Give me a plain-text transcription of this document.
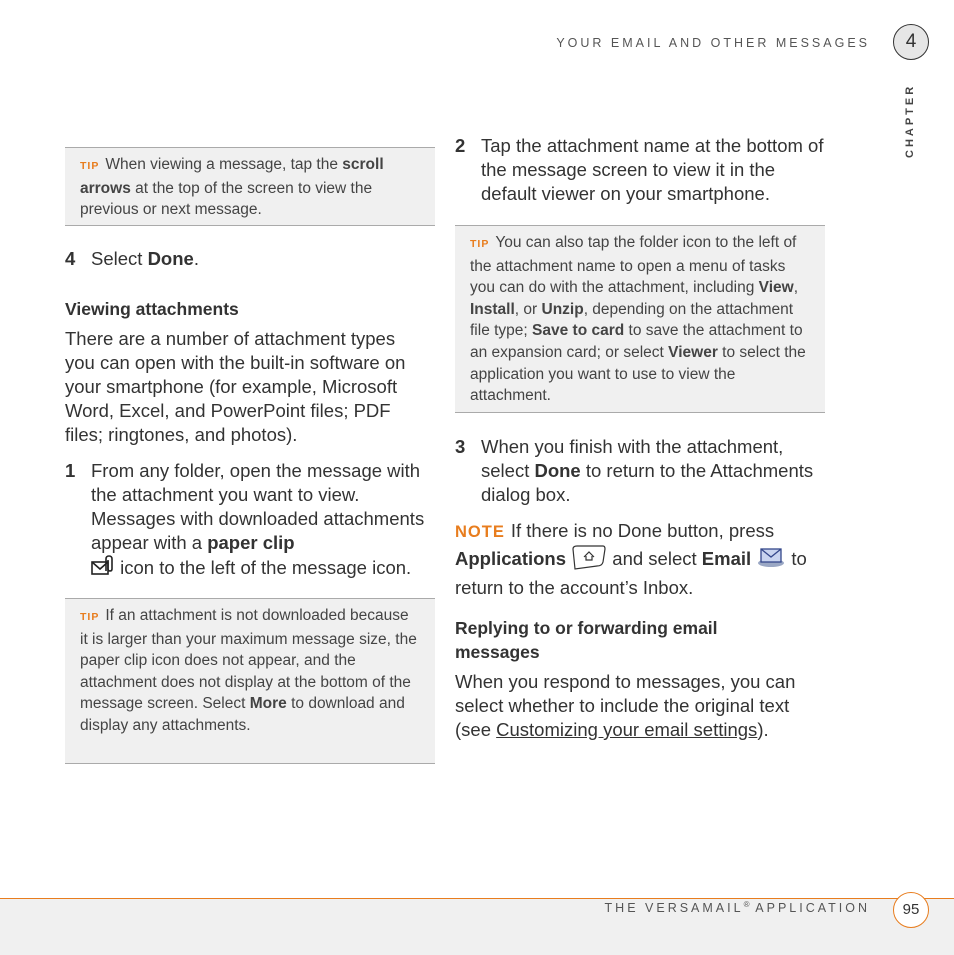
YOUR EMAIL AND OTHER MESSAGES	4
CHAPTER
TIP When viewing a message, tap the scroll arrows at the top of the screen to view the previous or next message.
4 Select Done.
Viewing attachments
There are a number of attachment types you can open with the built-in software on your smartphone (for example, Microsoft Word, Excel, and PowerPoint files; PDF files; ringtones, and photos).
1 From any folder, open the message with the attachment you want to view. Messages with downloaded attachments appear with a paper clip
icon to the left of the message icon.
TIP If an attachment is not downloaded because it is larger than your maximum message size, the paper clip icon does not appear, and the attachment does not display at the bottom of the message screen. Select More to download and display any attachments.
2 Tap the attachment name at the bottom of the message screen to view it in the default viewer on your smartphone.
TIP You can also tap the folder icon to the left of the attachment name to open a menu of tasks you can do with the attachment, including View, Install, or Unzip, depending on the attachment file type; Save to card to save the attachment to an expansion card; or select Viewer to select the application you want to use to view the attachment.
3 When you finish with the attachment, select Done to return to the Attachments dialog box.
NOTE If there is no Done button, press Applications  and select Email  to return to the account’s Inbox.
Replying to or forwarding email messages
When you respond to messages, you can select whether to include the original text (see Customizing your email settings).
THE VERSAMAIL® APPLICATION	95
